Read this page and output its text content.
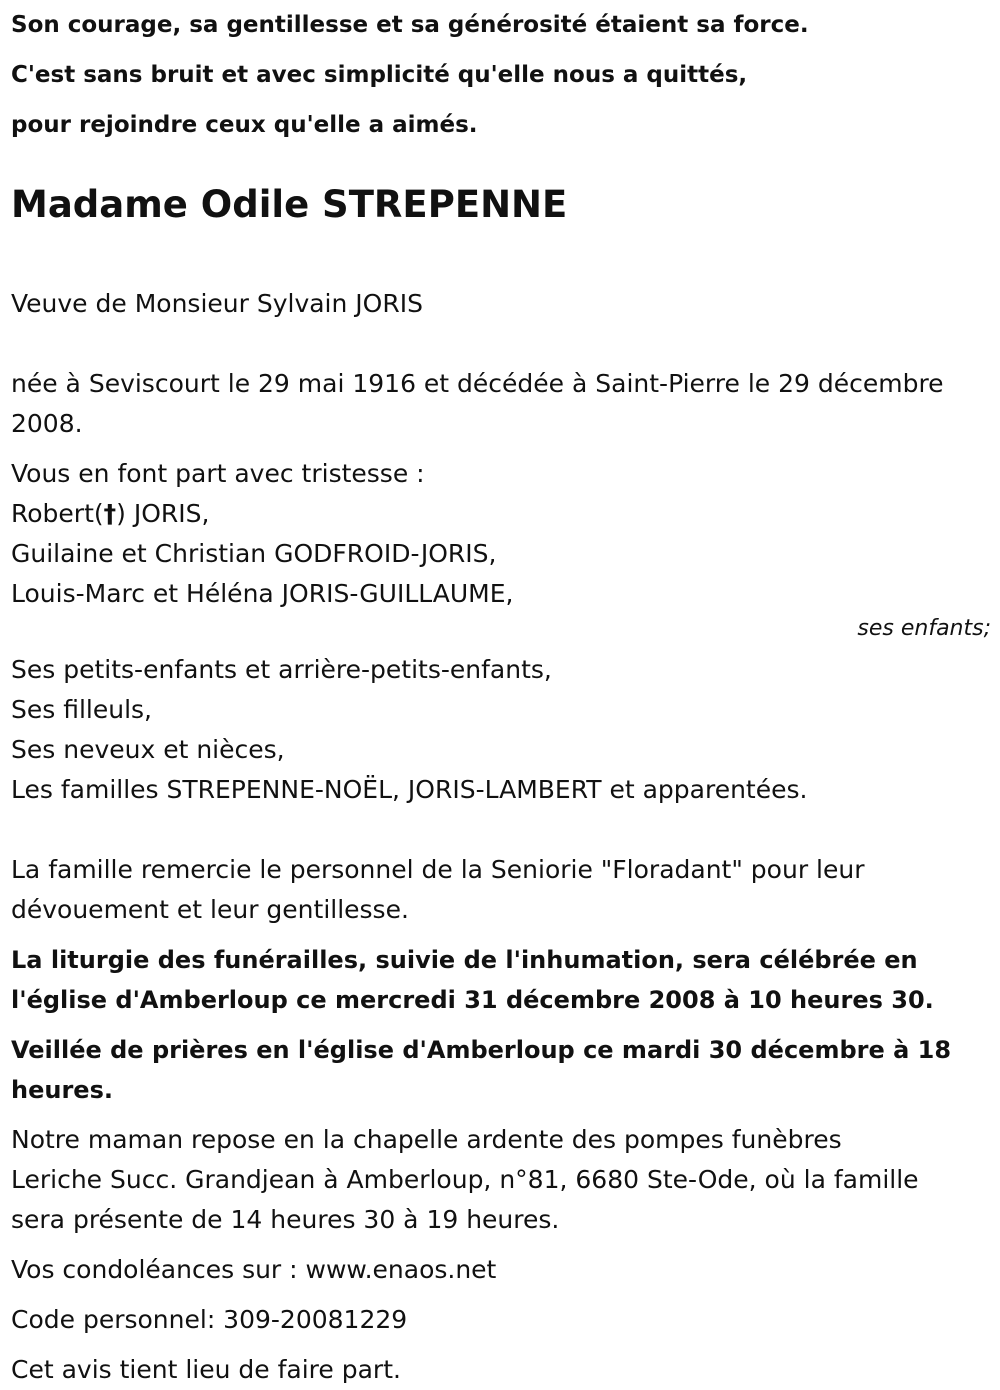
Son courage, sa gentillesse et sa générosité étaient sa force.
C'est sans bruit et avec simplicité qu'elle nous a quittés,
pour rejoindre ceux qu'elle a aimés.
Madame Odile STREPENNE
Veuve de Monsieur Sylvain JORIS
née à Seviscourt le 29 mai 1916 et décédée à Saint-Pierre le 29 décembre
2008.
Vous en font part avec tristesse :
Robert(†) JORIS,
Guilaine et Christian GODFROID-JORIS,
Louis-Marc et Héléna JORIS-GUILLAUME,
ses enfants;
Ses petits-enfants et arrière-petits-enfants,
Ses filleuls,
Ses neveux et nièces,
Les familles STREPENNE-NOËL, JORIS-LAMBERT et apparentées.
La famille remercie le personnel de la Seniorie "Floradant" pour leur
dévouement et leur gentillesse.
La liturgie des funérailles, suivie de l'inhumation, sera célébrée en
l'église d'Amberloup ce mercredi 31 décembre 2008 à 10 heures 30.
Veillée de prières en l'église d'Amberloup ce mardi 30 décembre à 18
heures.
Notre maman repose en la chapelle ardente des pompes funèbres
Leriche Succ. Grandjean à Amberloup, n°81, 6680 Ste-Ode, où la famille
sera présente de 14 heures 30 à 19 heures.
Vos condoléances sur : www.enaos.net
Code personnel: 309-20081229
Cet avis tient lieu de faire part.
